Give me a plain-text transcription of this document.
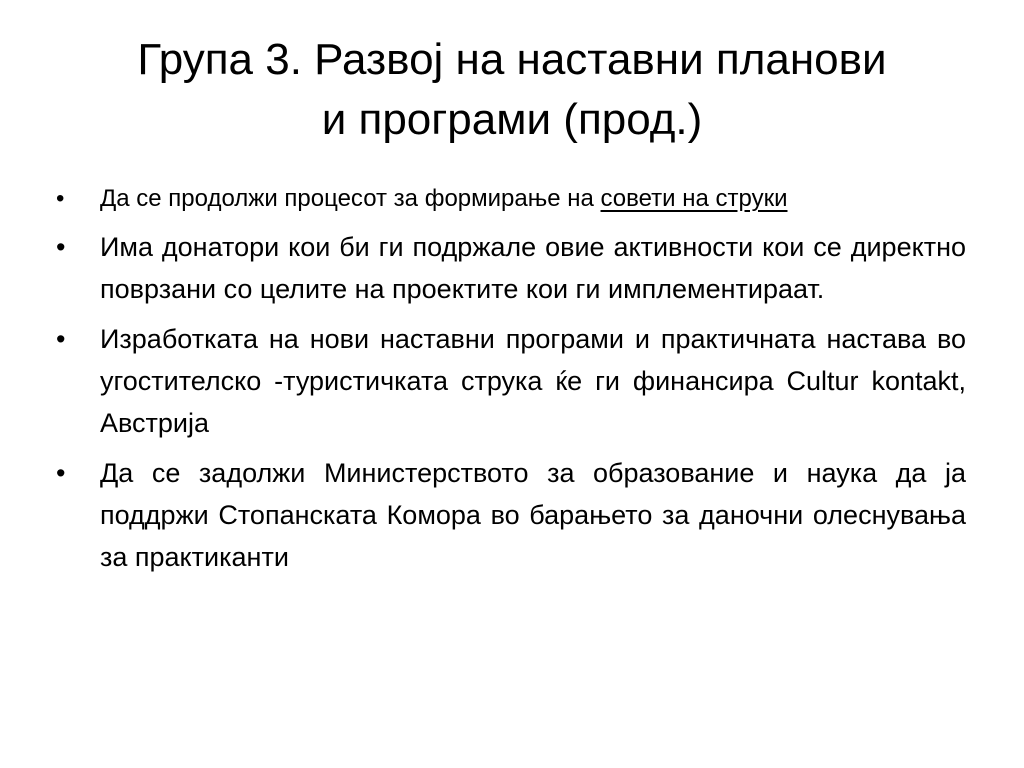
Група 3. Развој на наставни планови
и програми (прод.)
•	Да се продолжи процесот за формирање на совети на струки
•	Има донатори кои би ги подржале овие активности кои се директно поврзани со целите на проектите кои ги имплементираат.
•	Изработката на нови наставни програми и практичната настава во угостителско -туристичката струка ќе ги финансира Cultur kontakt, Австрија
•	Да се задолжи Министерството за образование и наука да ја поддржи Стопанската Комора во барањето за даночни олеснувања за практиканти
